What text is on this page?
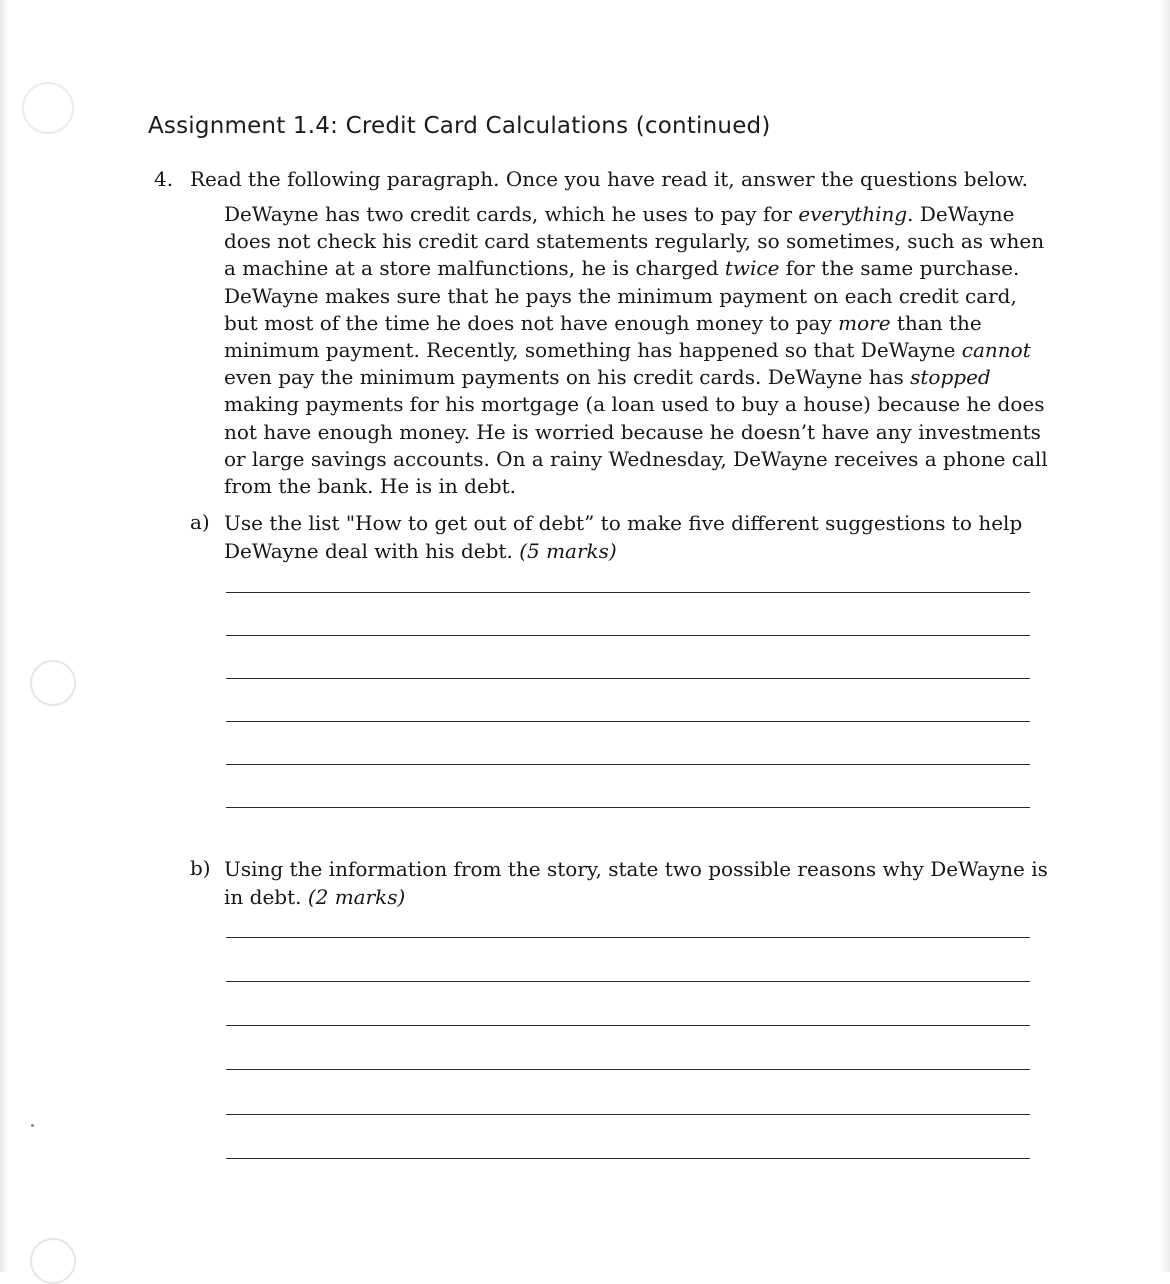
Assignment 1.4: Credit Card Calculations (continued)
4. Read the following paragraph. Once you have read it, answer the questions below.
DeWayne has two credit cards, which he uses to pay for everything. DeWayne
does not check his credit card statements regularly, so sometimes, such as when
a machine at a store malfunctions, he is charged twice for the same purchase.
DeWayne makes sure that he pays the minimum payment on each credit card,
but most of the time he does not have enough money to pay more than the
minimum payment. Recently, something has happened so that DeWayne cannot
even pay the minimum payments on his credit cards. DeWayne has stopped
making payments for his mortgage (a loan used to buy a house) because he does
not have enough money. He is worried because he doesn’t have any investments
or large savings accounts. On a rainy Wednesday, DeWayne receives a phone call
from the bank. He is in debt.
a) Use the list "How to get out of debt” to make five different suggestions to help
DeWayne deal with his debt. (5 marks)
b) Using the information from the story, state two possible reasons why DeWayne is
in debt. (2 marks)
